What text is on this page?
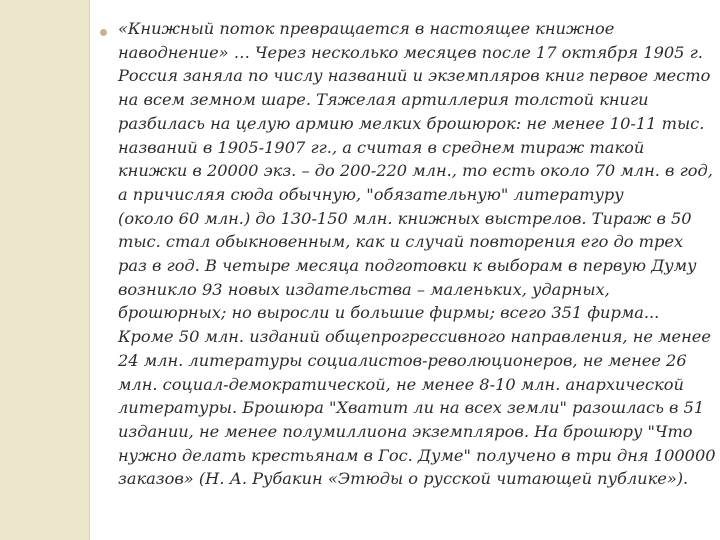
«Книжный поток превращается в настоящее книжное
наводнение» … Через несколько месяцев после 17 октября 1905 г.
Россия заняла по числу названий и экземпляров книг первое место
на всем земном шаре. Тяжелая артиллерия толстой книги
разбилась на целую армию мелких брошюрок: не менее 10-11 тыс.
названий в 1905-1907 гг., а считая в среднем тираж такой
книжки в 20000 экз. – до 200-220 млн., то есть около 70 млн. в год,
а причисляя сюда обычную, "обязательную" литературу
(около 60 млн.) до 130-150 млн. книжных выстрелов. Тираж в 50
тыс. стал обыкновенным, как и случай повторения его до трех
раз в год. В четыре месяца подготовки к выборам в первую Думу
возникло 93 новых издательства – маленьких, ударных,
брошюрных; но выросли и большие фирмы; всего 351 фирма...
Кроме 50 млн. изданий общепрогрессивного направления, не менее
24 млн. литературы социалистов-революционеров, не менее 26
млн. социал-демократической, не менее 8-10 млн. анархической
литературы. Брошюра "Хватит ли на всех земли" разошлась в 51
издании, не менее полумиллиона экземпляров. На брошюру "Что
нужно делать крестьянам в Гос. Думе" получено в три дня 100000
заказов» (Н. А. Рубакин «Этюды о русской читающей публике»).
